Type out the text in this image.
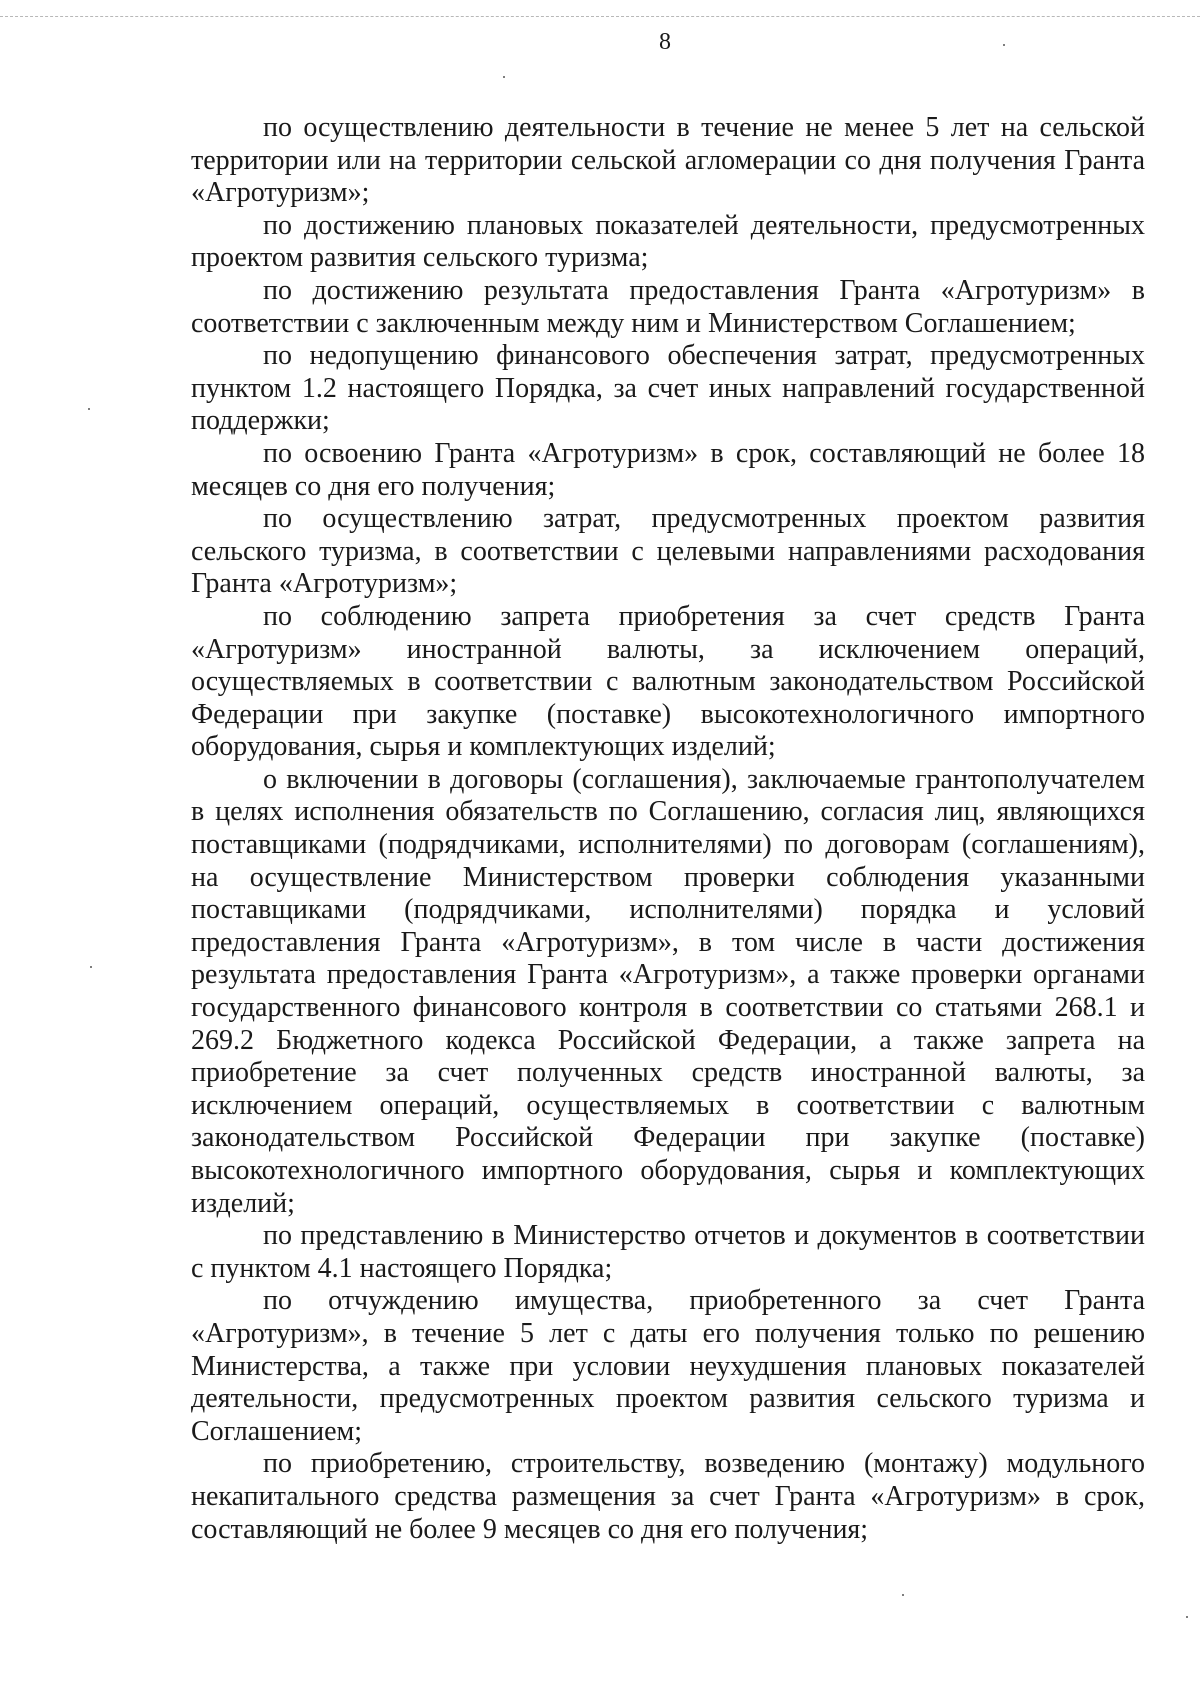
8

по осуществлению деятельности в течение не менее 5 лет на сельской территории или на территории сельской агломерации со дня получения Гранта «Агротуризм»;

по достижению плановых показателей деятельности, предусмотренных проектом развития сельского туризма;

по достижению результата предоставления Гранта «Агротуризм» в соответствии с заключенным между ним и Министерством Соглашением;

по недопущению финансового обеспечения затрат, предусмотренных пунктом 1.2 настоящего Порядка, за счет иных направлений государственной поддержки;

по освоению Гранта «Агротуризм» в срок, составляющий не более 18 месяцев со дня его получения;

по осуществлению затрат, предусмотренных проектом развития сельского туризма, в соответствии с целевыми направлениями расходования Гранта «Агротуризм»;

по соблюдению запрета приобретения за счет средств Гранта «Агротуризм» иностранной валюты, за исключением операций, осуществляемых в соответствии с валютным законодательством Российской Федерации при закупке (поставке) высокотехнологичного импортного оборудования, сырья и комплектующих изделий;

о включении в договоры (соглашения), заключаемые грантополучателем в целях исполнения обязательств по Соглашению, согласия лиц, являющихся поставщиками (подрядчиками, исполнителями) по договорам (соглашениям), на осуществление Министерством проверки соблюдения указанными поставщиками (подрядчиками, исполнителями) порядка и условий предоставления Гранта «Агротуризм», в том числе в части достижения результата предоставления Гранта «Агротуризм», а также проверки органами государственного финансового контроля в соответствии со статьями 268.1 и 269.2 Бюджетного кодекса Российской Федерации, а также запрета на приобретение за счет полученных средств иностранной валюты, за исключением операций, осуществляемых в соответствии с валютным законодательством Российской Федерации при закупке (поставке) высокотехнологичного импортного оборудования, сырья и комплектующих изделий;

по представлению в Министерство отчетов и документов в соответствии с пунктом 4.1 настоящего Порядка;

по отчуждению имущества, приобретенного за счет Гранта «Агротуризм», в течение 5 лет с даты его получения только по решению Министерства, а также при условии неухудшения плановых показателей деятельности, предусмотренных проектом развития сельского туризма и Соглашением;

по приобретению, строительству, возведению (монтажу) модульного некапитального средства размещения за счет Гранта «Агротуризм» в срок, составляющий не более 9 месяцев со дня его получения;
